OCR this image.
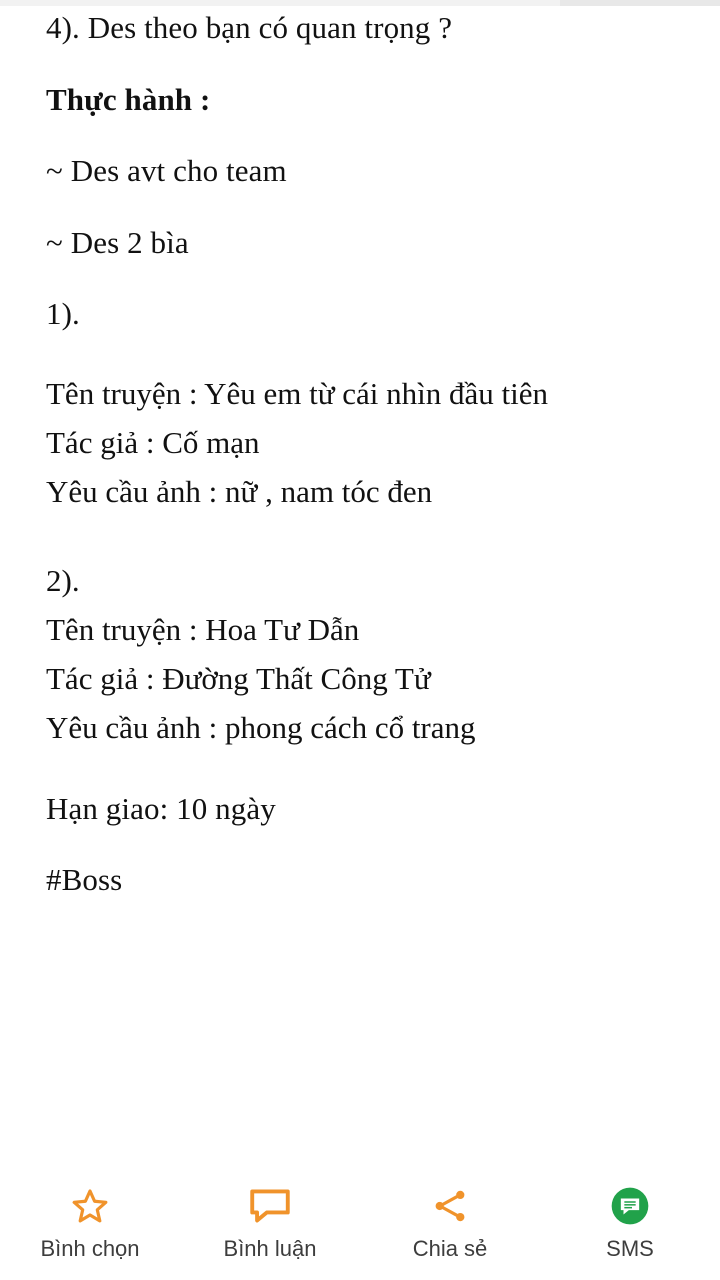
4). Des theo bạn có quan trọng ?

Thực hành :

~ Des avt cho team

~ Des 2 bìa

1).

Tên truyện : Yêu em từ cái nhìn đầu tiên
Tác giả : Cố mạn
Yêu cầu ảnh : nữ , nam tóc đen
2).
Tên truyện : Hoa Tư Dẫn
Tác giả : Đường Thất Công Tử
Yêu cầu ảnh : phong cách cổ trang

Hạn giao: 10 ngày

#Boss

Bình chọn	Bình luận	Chia sẻ	SMS
